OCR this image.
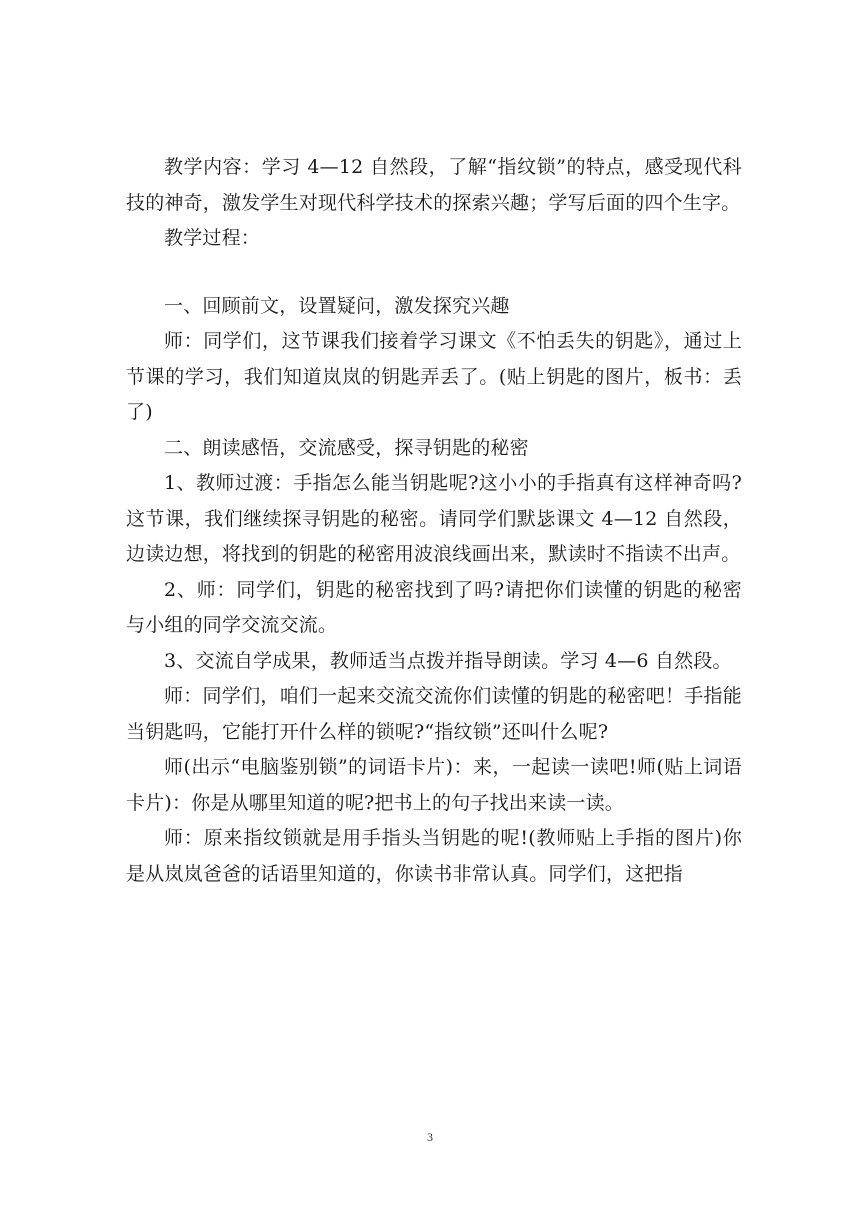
教学内容：学习 4—12 自然段，了解“指纹锁”的特点，感受现代科技的神奇，激发学生对现代科学技术的探索兴趣；学写后面的四个生字。

教学过程：

一、回顾前文，设置疑问，激发探究兴趣

师：同学们，这节课我们接着学习课文《不怕丢失的钥匙》，通过上节课的学习，我们知道岚岚的钥匙弄丢了。(贴上钥匙的图片，板书：丢了)

二、朗读感悟，交流感受，探寻钥匙的秘密

1、教师过渡：手指怎么能当钥匙呢?这小小的手指真有这样神奇吗?这节课，我们继续探寻钥匙的秘密。请同学们默毖课文 4—12 自然段，边读边想，将找到的钥匙的秘密用波浪线画出来，默读时不指读不出声。

2、师：同学们，钥匙的秘密找到了吗?请把你们读懂的钥匙的秘密与小组的同学交流交流。

3、交流自学成果，教师适当点拨并指导朗读。学习 4—6 自然段。

师：同学们，咱们一起来交流交流你们读懂的钥匙的秘密吧！手指能当钥匙吗，它能打开什么样的锁呢?“指纹锁”还叫什么呢?

师(出示“电脑鉴别锁”的词语卡片)：来，一起读一读吧!师(贴上词语卡片)：你是从哪里知道的呢?把书上的句子找出来读一读。

师：原来指纹锁就是用手指头当钥匙的呢!(教师贴上手指的图片)你是从岚岚爸爸的话语里知道的，你读书非常认真。同学们，这把指

3
